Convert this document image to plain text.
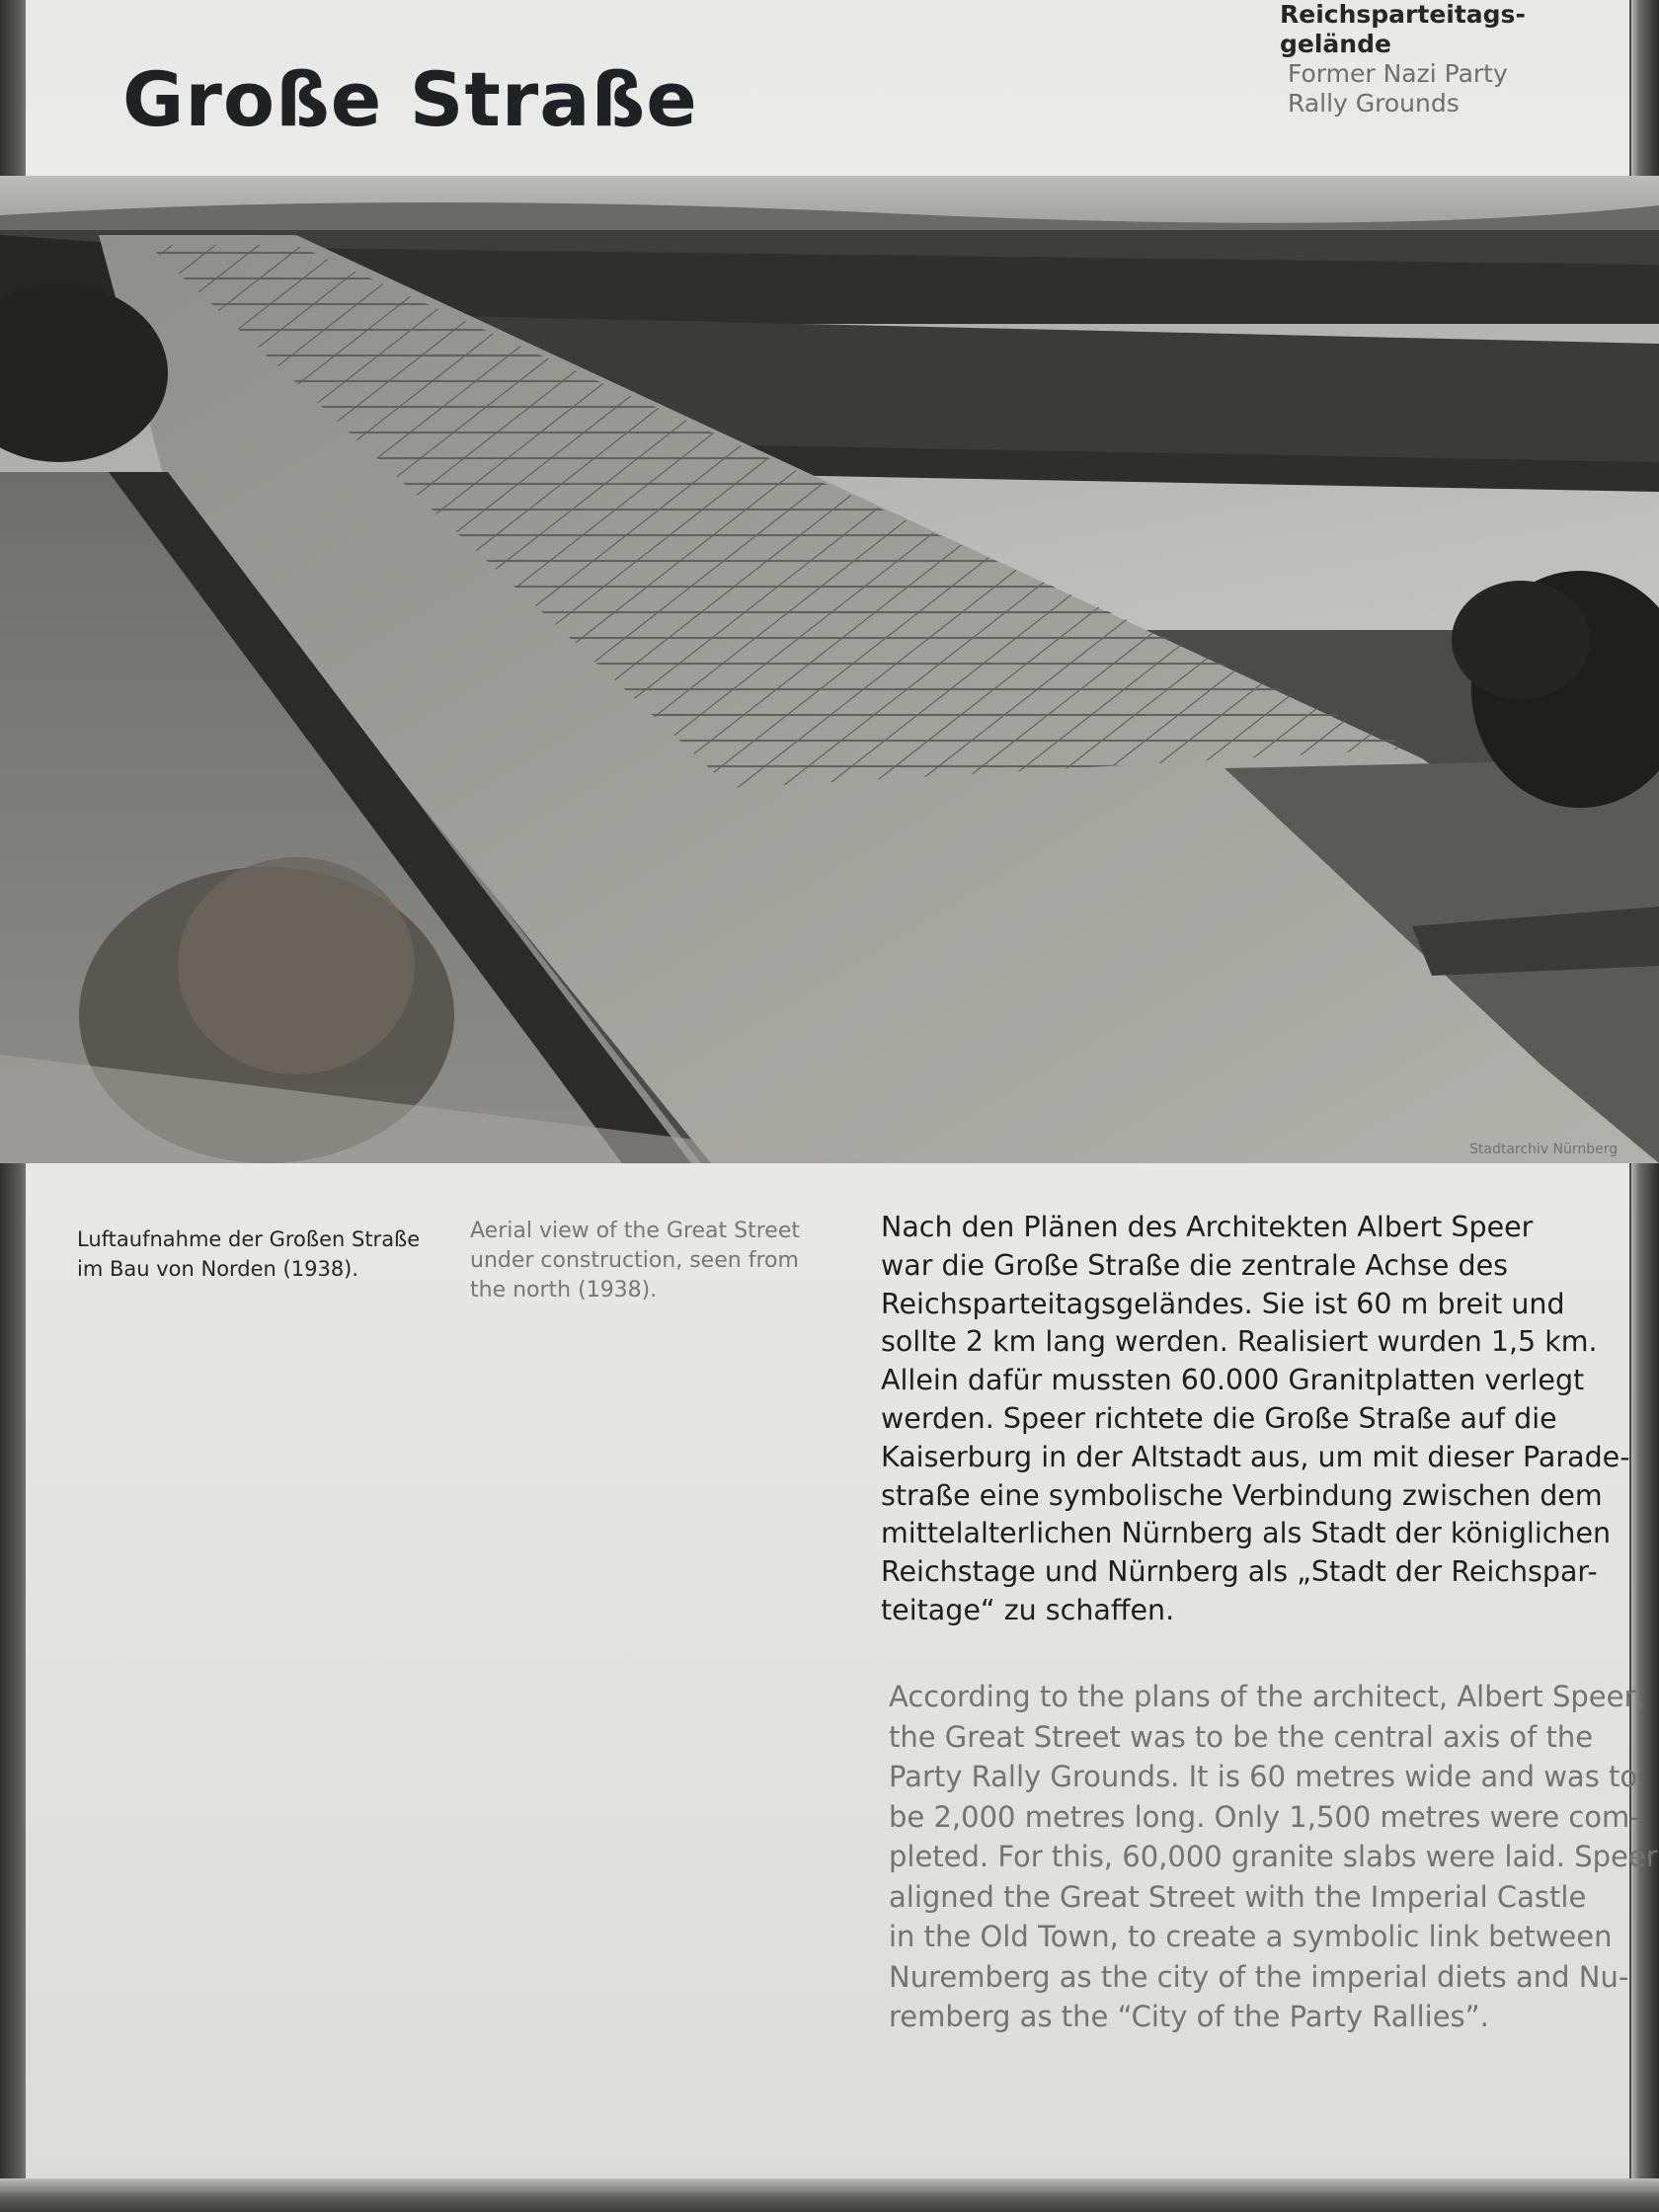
Große Straße
Reichsparteitags-
gelände
Former Nazi Party
Rally Grounds
Stadtarchiv Nürnberg
Luftaufnahme der Großen Straße
im Bau von Norden (1938).
Aerial view of the Great Street
under construction, seen from
the north (1938).
Nach den Plänen des Architekten Albert Speer
war die Große Straße die zentrale Achse des
Reichsparteitagsgeländes. Sie ist 60 m breit und
sollte 2 km lang werden. Realisiert wurden 1,5 km.
Allein dafür mussten 60.000 Granitplatten verlegt
werden. Speer richtete die Große Straße auf die
Kaiserburg in der Altstadt aus, um mit dieser Parade-
straße eine symbolische Verbindung zwischen dem
mittelalterlichen Nürnberg als Stadt der königlichen
Reichstage und Nürnberg als „Stadt der Reichspar-
teitage“ zu schaffen.
According to the plans of the architect, Albert Speer,
the Great Street was to be the central axis of the
Party Rally Grounds. It is 60 metres wide and was to
be 2,000 metres long. Only 1,500 metres were com-
pleted. For this, 60,000 granite slabs were laid. Speer
aligned the Great Street with the Imperial Castle
in the Old Town, to create a symbolic link between
Nuremberg as the city of the imperial diets and Nu-
remberg as the “City of the Party Rallies”.
